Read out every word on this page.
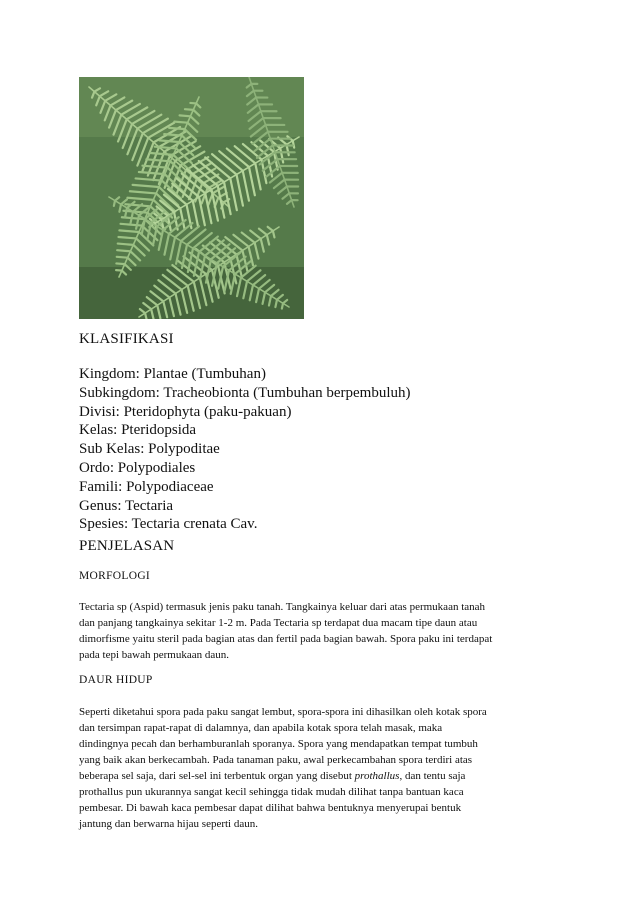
KLASIFIKASI
Kingdom: Plantae (Tumbuhan)
Subkingdom: Tracheobionta (Tumbuhan berpembuluh)
Divisi: Pteridophyta (paku-pakuan)
Kelas: Pteridopsida
Sub Kelas: Polypoditae
Ordo: Polypodiales
Famili: Polypodiaceae
Genus: Tectaria
Spesies: Tectaria crenata Cav.
PENJELASAN
MORFOLOGI
Tectaria sp (Aspid) termasuk jenis paku tanah. Tangkainya keluar dari atas permukaan tanah
dan panjang tangkainya sekitar 1-2 m. Pada Tectaria sp terdapat dua macam tipe daun atau
dimorfisme yaitu steril pada bagian atas dan fertil pada bagian bawah. Spora paku ini terdapat
pada tepi bawah permukaan daun.
DAUR HIDUP
Seperti diketahui spora pada paku sangat lembut, spora-spora ini dihasilkan oleh kotak spora
dan tersimpan rapat-rapat di dalamnya, dan apabila kotak spora telah masak, maka
dindingnya pecah dan berhamburanlah sporanya. Spora yang mendapatkan tempat tumbuh
yang baik akan berkecambah. Pada tanaman paku, awal perkecambahan spora terdiri atas
beberapa sel saja, dari sel-sel ini terbentuk organ yang disebut prothallus, dan tentu saja
prothallus pun ukurannya sangat kecil sehingga tidak mudah dilihat tanpa bantuan kaca
pembesar. Di bawah kaca pembesar dapat dilihat bahwa bentuknya menyerupai bentuk
jantung dan berwarna hijau seperti daun.
